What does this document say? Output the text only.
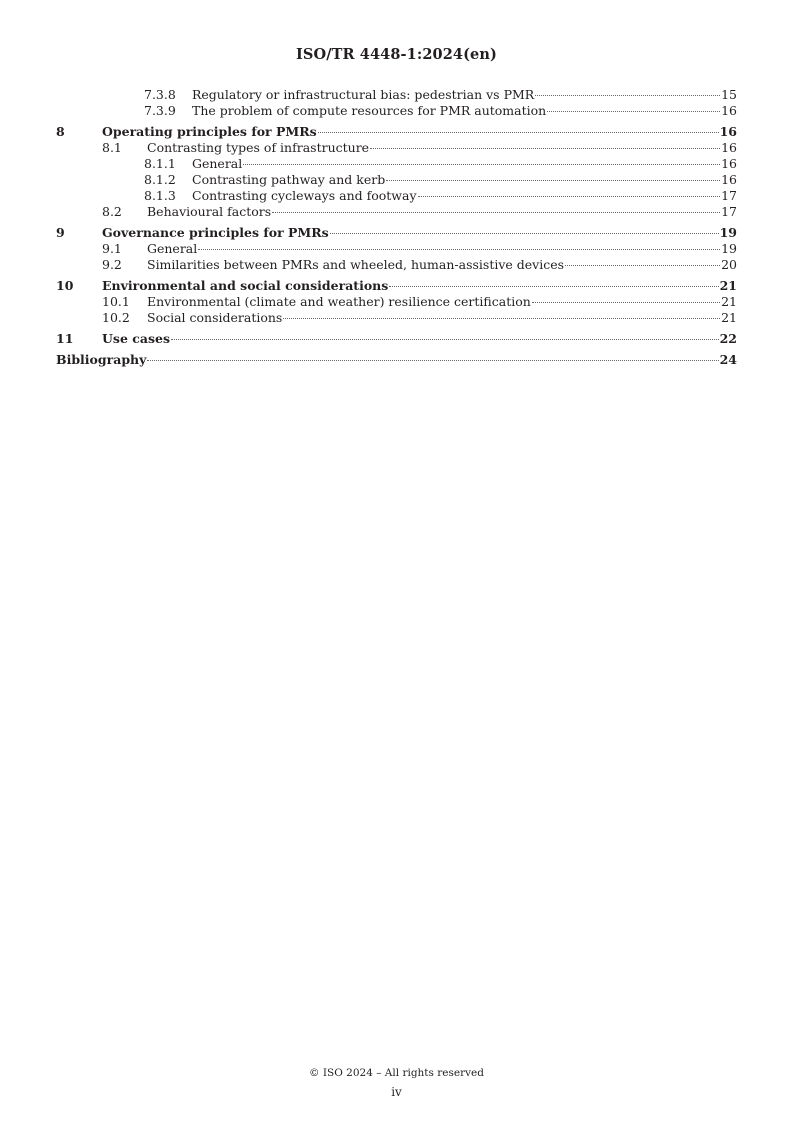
ISO/TR 4448-1:2024(en)
7.3.8 Regulatory or infrastructural bias: pedestrian vs PMR	15
7.3.9 The problem of compute resources for PMR automation	16
8	Operating principles for PMRs	16
8.1 Contrasting types of infrastructure	16
8.1.1 General	16
8.1.2 Contrasting pathway and kerb	16
8.1.3 Contrasting cycleways and footway	17
8.2 Behavioural factors	17
9	Governance principles for PMRs	19
9.1 General	19
9.2 Similarities between PMRs and wheeled, human-assistive devices	20
10 Environmental and social considerations	21
10.1 Environmental (climate and weather) resilience certification	21
10.2 Social considerations	21
11 Use cases	22
Bibliography	24
© ISO 2024 – All rights reserved
iv
